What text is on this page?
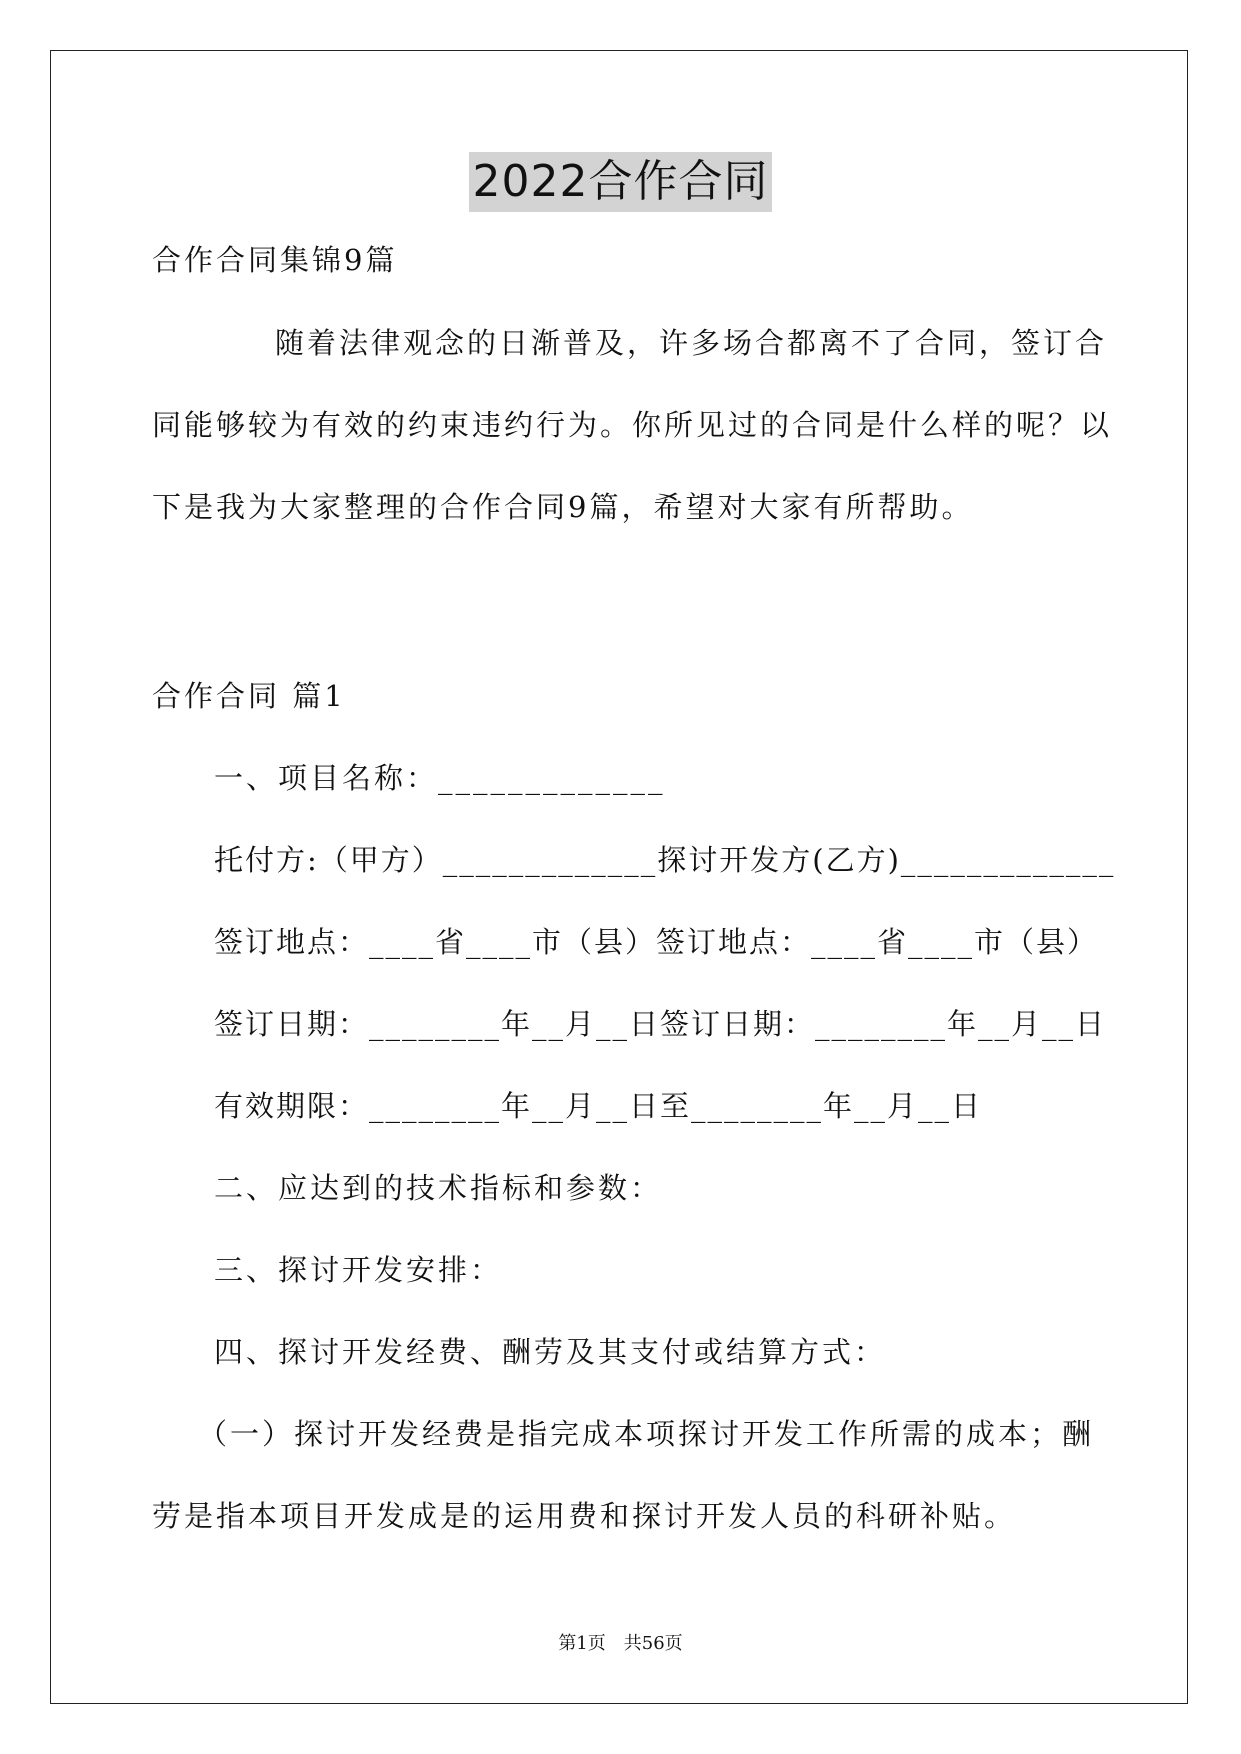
2022合作合同
合作合同集锦9篇
随着法律观念的日渐普及，许多场合都离不了合同，签订合
同能够较为有效的约束违约行为。你所见过的合同是什么样的呢？以
下是我为大家整理的合作合同9篇，希望对大家有所帮助。
合作合同 篇1
一、项目名称：_____________
托付方:（甲方）_____________探讨开发方(乙方)_____________
签订地点：____省____市（县）签订地点：____省____市（县）
签订日期：________年__月__日签订日期：________年__月__日
有效期限：________年__月__日至________年__月__日
二、应达到的技术指标和参数：
三、探讨开发安排：
四、探讨开发经费、酬劳及其支付或结算方式：
（一）探讨开发经费是指完成本项探讨开发工作所需的成本；酬
劳是指本项目开发成是的运用费和探讨开发人员的科研补贴。
第1页 共56页
